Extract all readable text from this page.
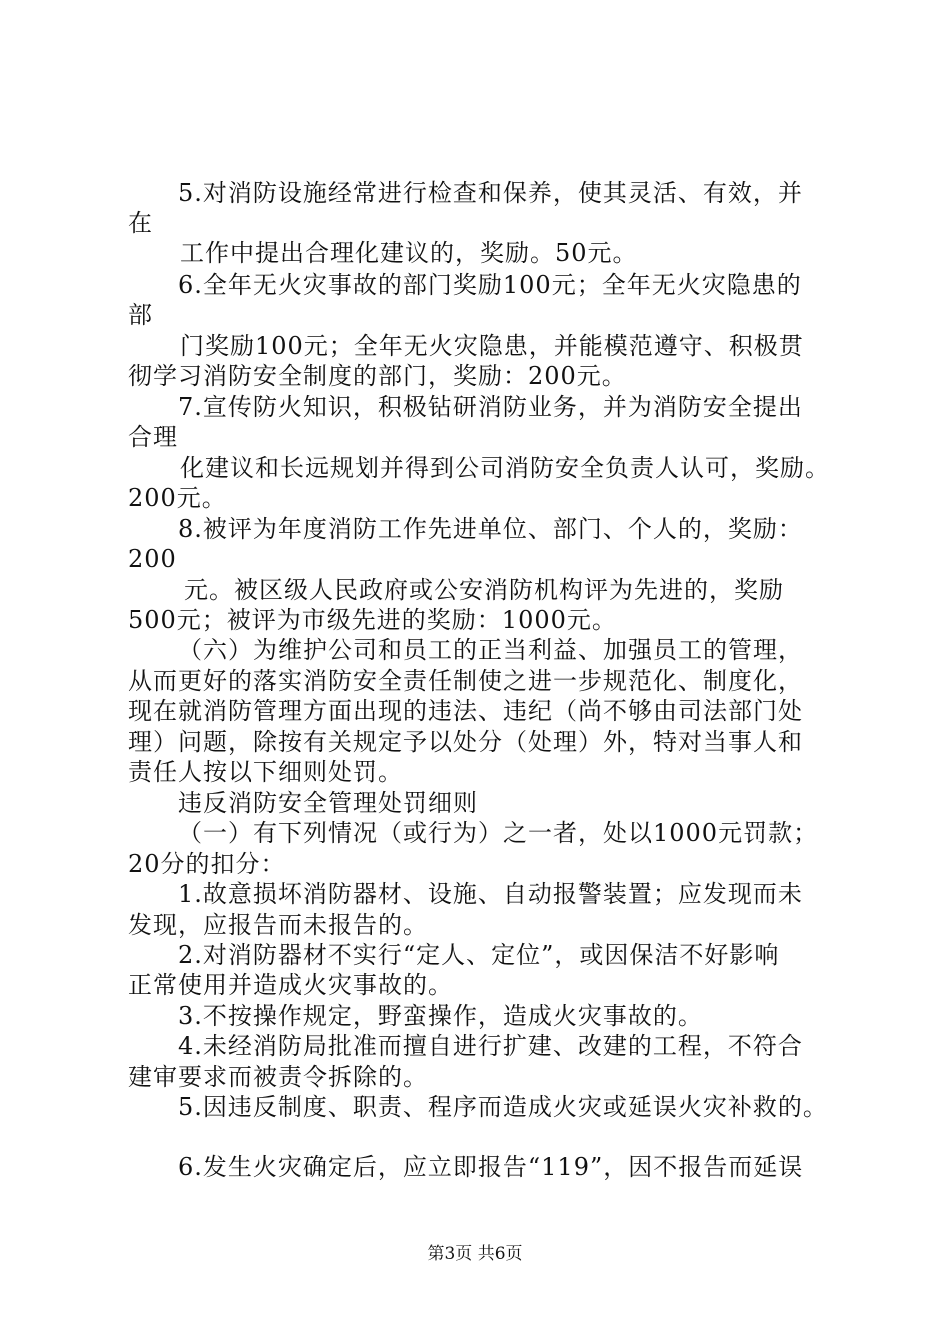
5.对消防设施经常进行检查和保养，使其灵活、有效，并
在
工作中提出合理化建议的，奖励。50元。
6.全年无火灾事故的部门奖励100元；全年无火灾隐患的
部
门奖励100元；全年无火灾隐患，并能模范遵守、积极贯
彻学习消防安全制度的部门，奖励：200元。
7.宣传防火知识，积极钻研消防业务，并为消防安全提出
合理
化建议和长远规划并得到公司消防安全负责人认可，奖励。
200元。
8.被评为年度消防工作先进单位、部门、个人的，奖励：
200
元。被区级人民政府或公安消防机构评为先进的，奖励
500元；被评为市级先进的奖励：1000元。
（六）为维护公司和员工的正当利益、加强员工的管理，
从而更好的落实消防安全责任制使之进一步规范化、制度化，
现在就消防管理方面出现的违法、违纪（尚不够由司法部门处
理）问题，除按有关规定予以处分（处理）外，特对当事人和
责任人按以下细则处罚。
违反消防安全管理处罚细则
（一）有下列情况（或行为）之一者，处以1000元罚款；
20分的扣分：
1.故意损坏消防器材、设施、自动报警装置；应发现而未
发现，应报告而未报告的。
2.对消防器材不实行“定人、定位”，或因保洁不好影响
正常使用并造成火灾事故的。
3.不按操作规定，野蛮操作，造成火灾事故的。
4.未经消防局批准而擅自进行扩建、改建的工程，不符合
建审要求而被责令拆除的。
5.因违反制度、职责、程序而造成火灾或延误火灾补救的。
6.发生火灾确定后，应立即报告“119”，因不报告而延误
第3页 共6页
